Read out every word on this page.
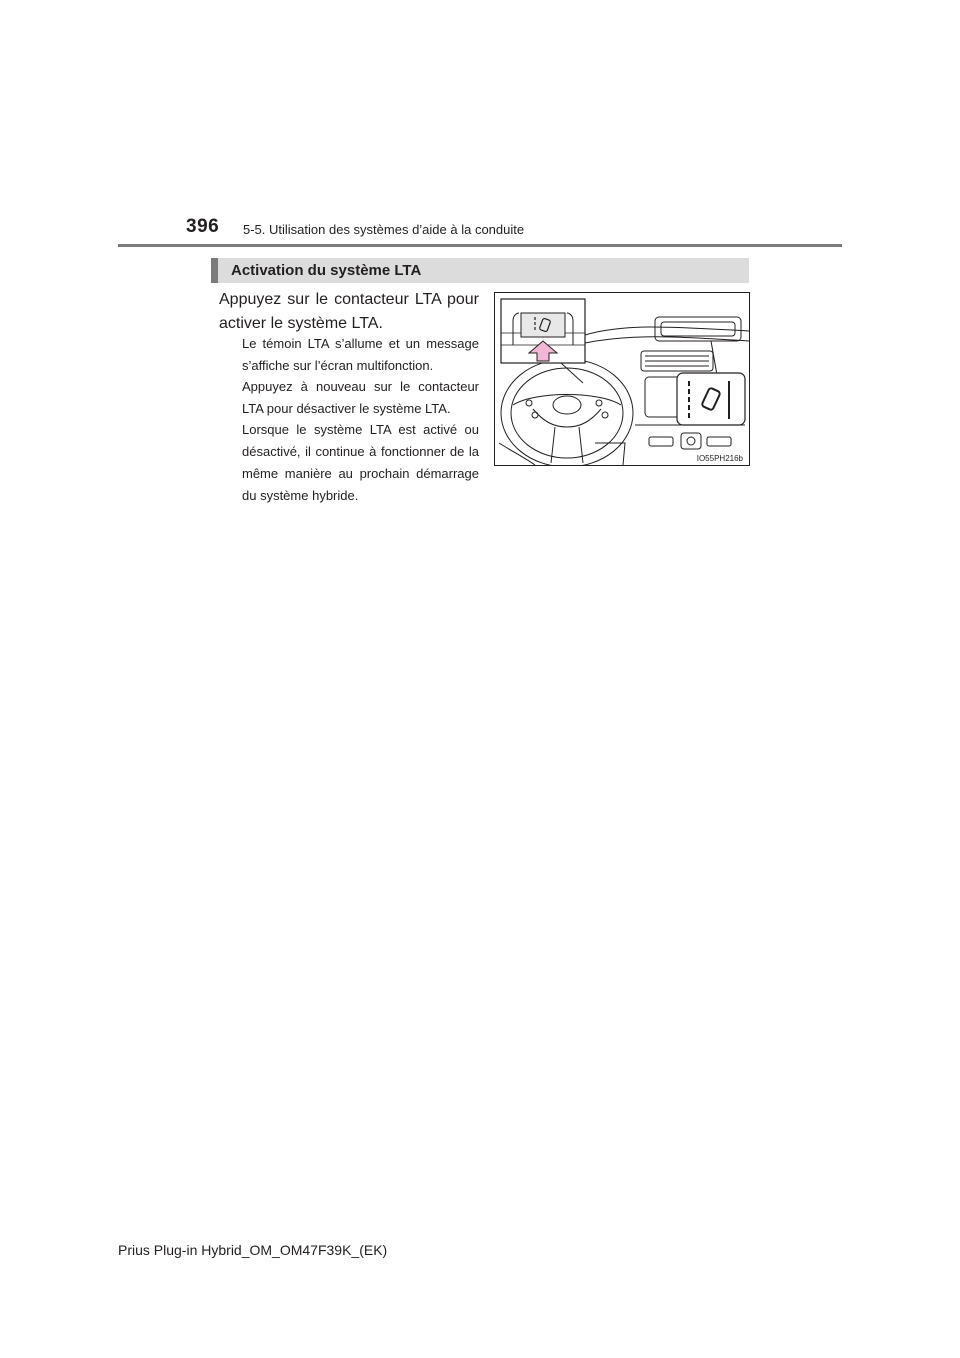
396 5-5. Utilisation des systèmes d’aide à la conduite
Activation du système LTA
Appuyez sur le contacteur LTA pour activer le système LTA.
Le témoin LTA s’allume et un message s’affiche sur l’écran multifonction.
Appuyez à nouveau sur le contacteur LTA pour désactiver le système LTA.
Lorsque le système LTA est activé ou désactivé, il continue à fonctionner de la même manière au prochain démarrage du système hybride.
IO55PH216b
Prius Plug-in Hybrid_OM_OM47F39K_(EK)
